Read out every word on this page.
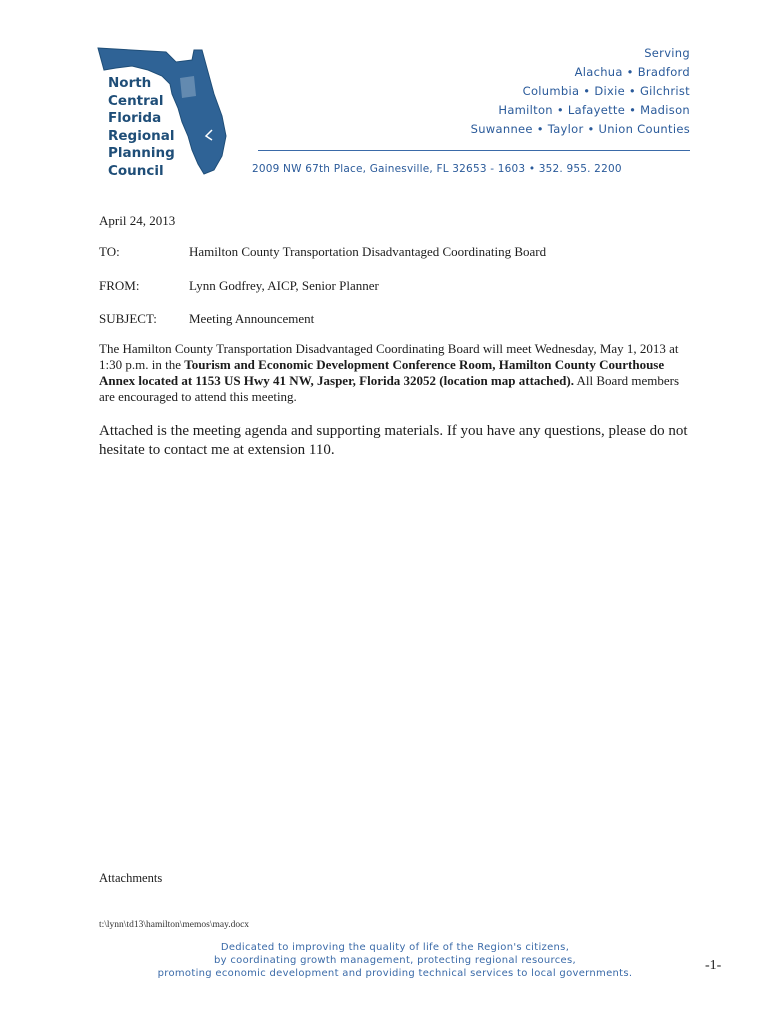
North
Central
Florida
Regional
Planning
Council
Serving
Alachua • Bradford
Columbia • Dixie • Gilchrist
Hamilton • Lafayette • Madison
Suwannee • Taylor • Union Counties
2009 NW 67th Place, Gainesville, FL 32653 - 1603 • 352. 955. 2200
April 24, 2013
TO:	Hamilton County Transportation Disadvantaged Coordinating Board
FROM:	Lynn Godfrey, AICP, Senior Planner
SUBJECT: Meeting Announcement
The Hamilton County Transportation Disadvantaged Coordinating Board will meet Wednesday, May 1, 2013 at 1:30 p.m. in the Tourism and Economic Development Conference Room, Hamilton County Courthouse Annex located at 1153 US Hwy 41 NW, Jasper, Florida 32052 (location map attached). All Board members are encouraged to attend this meeting.
Attached is the meeting agenda and supporting materials. If you have any questions, please do not hesitate to contact me at extension 110.
Attachments
t:\lynn\td13\hamilton\memos\may.docx
Dedicated to improving the quality of life of the Region's citizens,
by coordinating growth management, protecting regional resources,
promoting economic development and providing technical services to local governments.
-1-
